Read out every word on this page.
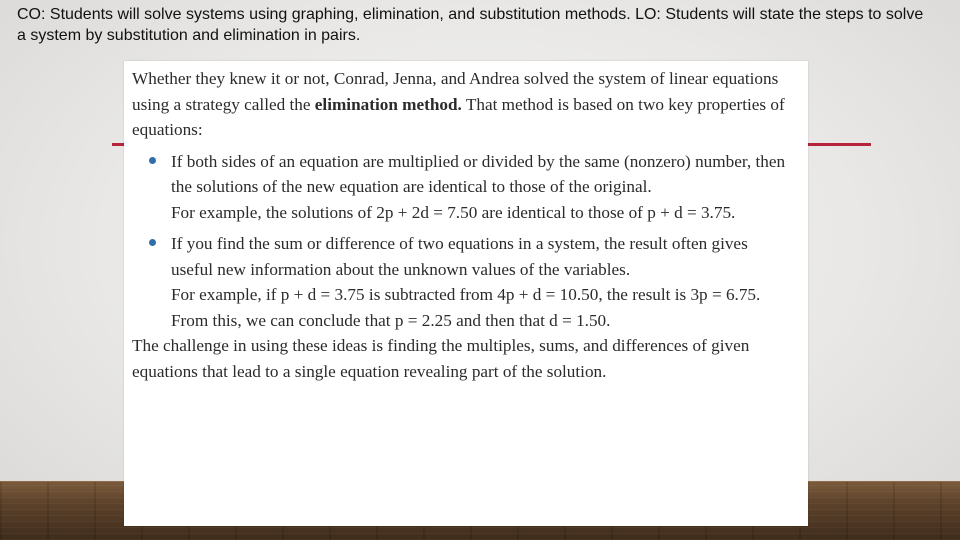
CO: Students will solve systems using graphing, elimination, and substitution methods. LO: Students will state the steps to solve
a system by substitution and elimination in pairs.

Whether they knew it or not, Conrad, Jenna, and Andrea solved the system of linear equations using a strategy called the elimination method. That method is based on two key properties of equations:

If both sides of an equation are multiplied or divided by the same (nonzero) number, then the solutions of the new equation are identical to those of the original.

For example, the solutions of 2p + 2d = 7.50 are identical to those of p + d = 3.75.

If you find the sum or difference of two equations in a system, the result often gives useful new information about the unknown values of the variables.

For example, if p + d = 3.75 is subtracted from 4p + d = 10.50, the result is 3p = 6.75. From this, we can conclude that p = 2.25 and then that d = 1.50.

The challenge in using these ideas is finding the multiples, sums, and differences of given equations that lead to a single equation revealing part of the solution.
